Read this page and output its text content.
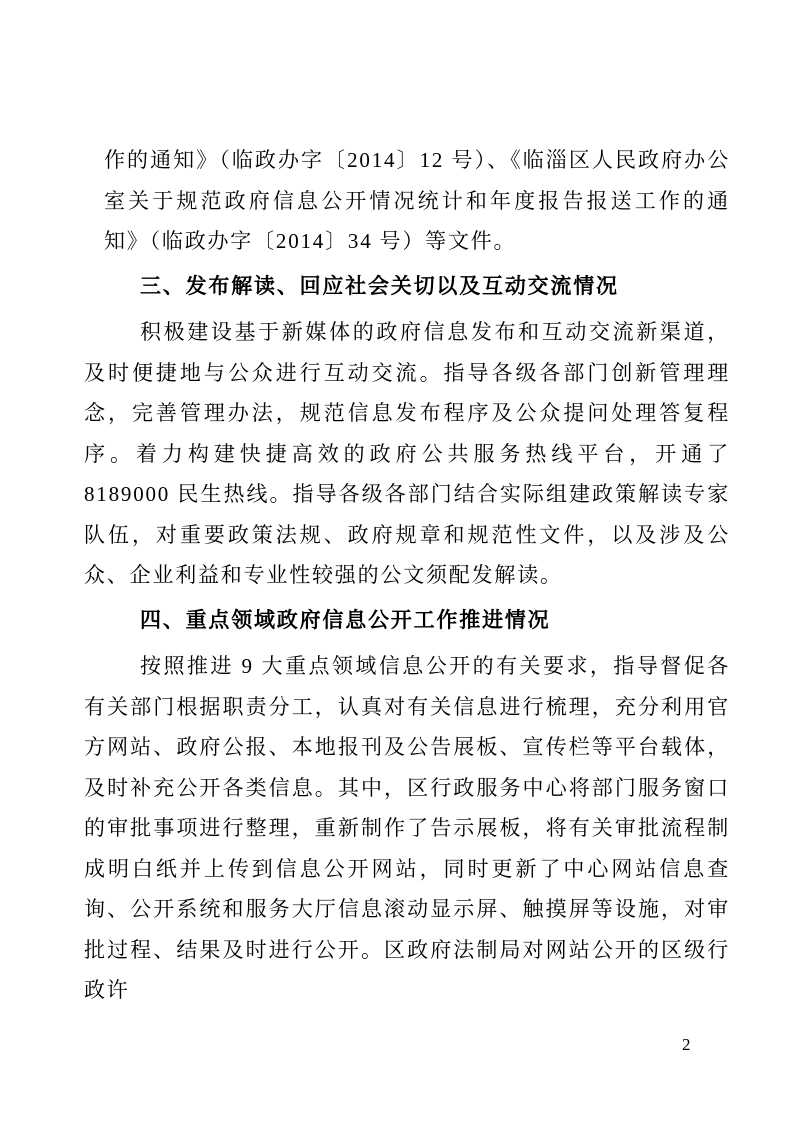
作的通知》（临政办字〔2014〕12 号）、《临淄区人民政府办公室关于规范政府信息公开情况统计和年度报告报送工作的通知》（临政办字〔2014〕34 号）等文件。

三、发布解读、回应社会关切以及互动交流情况

积极建设基于新媒体的政府信息发布和互动交流新渠道，及时便捷地与公众进行互动交流。指导各级各部门创新管理理念，完善管理办法，规范信息发布程序及公众提问处理答复程序。着力构建快捷高效的政府公共服务热线平台，开通了 8189000 民生热线。指导各级各部门结合实际组建政策解读专家队伍，对重要政策法规、政府规章和规范性文件，以及涉及公众、企业利益和专业性较强的公文须配发解读。

四、重点领域政府信息公开工作推进情况

按照推进 9 大重点领域信息公开的有关要求，指导督促各有关部门根据职责分工，认真对有关信息进行梳理，充分利用官方网站、政府公报、本地报刊及公告展板、宣传栏等平台载体，及时补充公开各类信息。其中，区行政服务中心将部门服务窗口的审批事项进行整理，重新制作了告示展板，将有关审批流程制成明白纸并上传到信息公开网站，同时更新了中心网站信息查询、公开系统和服务大厅信息滚动显示屏、触摸屏等设施，对审批过程、结果及时进行公开。区政府法制局对网站公开的区级行政许

2
